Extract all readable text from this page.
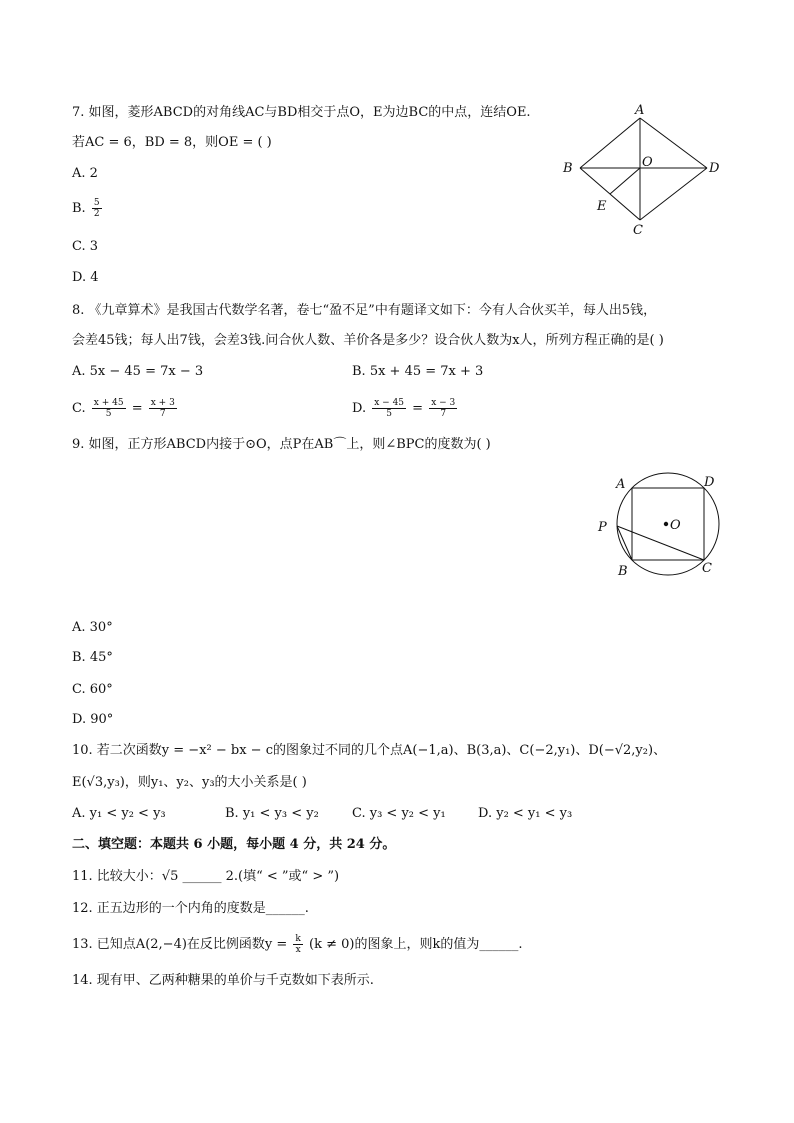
7. 如图，菱形ABCD的对角线AC与BD相交于点O，E为边BC的中点，连结OE.
若AC = 6，BD = 8，则OE = ( )
A. 2
B. $\frac{5}{2}$
C. 3
D. 4
A
B
C
D
O
E
8. 《九章算术》是我国古代数学名著，卷七“盈不足”中有题译文如下：今有人合伙买羊，每人出5钱，
会差45钱；每人出7钱，会差3钱.问合伙人数、羊价各是多少？设合伙人数为x人，所列方程正确的是( )
A. 5x − 45 = 7x − 3	B. 5x + 45 = 7x + 3
C. $\frac{x + 45}{5} = \frac{x + 3}{7}$	D. $\frac{x - 45}{5} = \frac{x - 3}{7}$
9. 如图，正方形ABCD内接于⊙O，点P在AB⌒上，则∠BPC的度数为( )
A	D
P	O
B	C
A. 30°
B. 45°
C. 60°
D. 90°
10. 若二次函数y = −x² − bx − c的图象过不同的几个点A(−1,a)、B(3,a)、C(−2,y₁)、D(−√2,y₂)、
E(√3,y₃)，则y₁、y₂、y₃的大小关系是( )
A. y₁ < y₂ < y₃	B. y₁ < y₃ < y₂	C. y₃ < y₂ < y₁ D. y₂ < y₁ < y₃
二、填空题：本题共 6 小题，每小题 4 分，共 24 分。
11. 比较大小：√5 ______ 2.(填“ < ”或“ > ”)
12. 正五边形的一个内角的度数是______.
13. 已知点A(2,−4)在反比例函数$y = \frac{k}{x} (k \ne 0)$的图象上，则k的值为______.
14. 现有甲、乙两种糖果的单价与千克数如下表所示.
